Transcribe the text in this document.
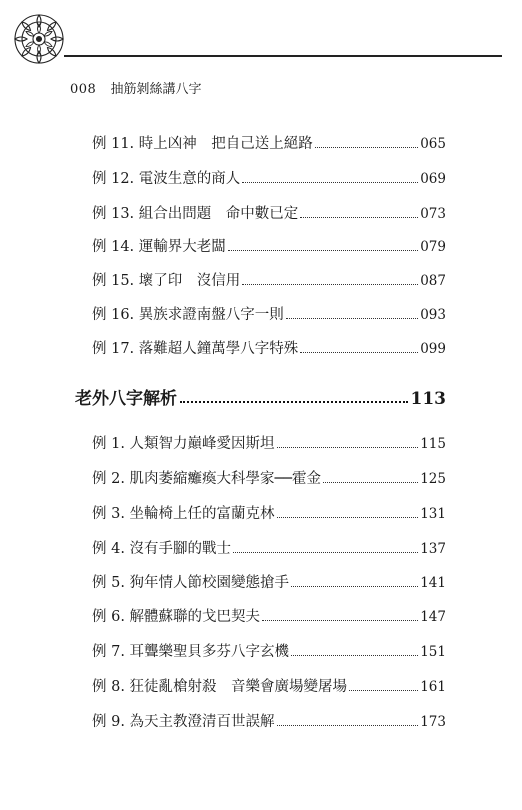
008 抽筋剝絲講八字
例 11. 時上凶神　把自己送上絕路	065
例 12. 電波生意的商人	069
例 13. 組合出問題　命中數已定	073
例 14. 運輸界大老闆	079
例 15. 壞了印　沒信用	087
例 16. 異族求證南盤八字一則	093
例 17. 落難超人鐘萬學八字特殊	099
老外八字解析	113
例 1. 人類智力巔峰愛因斯坦	115
例 2. 肌肉萎縮癱瘓大科學家──霍金	125
例 3. 坐輪椅上任的富蘭克林	131
例 4. 沒有手腳的戰士	137
例 5. 狗年情人節校園變態搶手	141
例 6. 解體蘇聯的戈巴契夫	147
例 7. 耳聾樂聖貝多芬八字玄機	151
例 8. 狂徒亂槍射殺　音樂會廣場變屠場	161
例 9. 為天主教澄清百世誤解	173
